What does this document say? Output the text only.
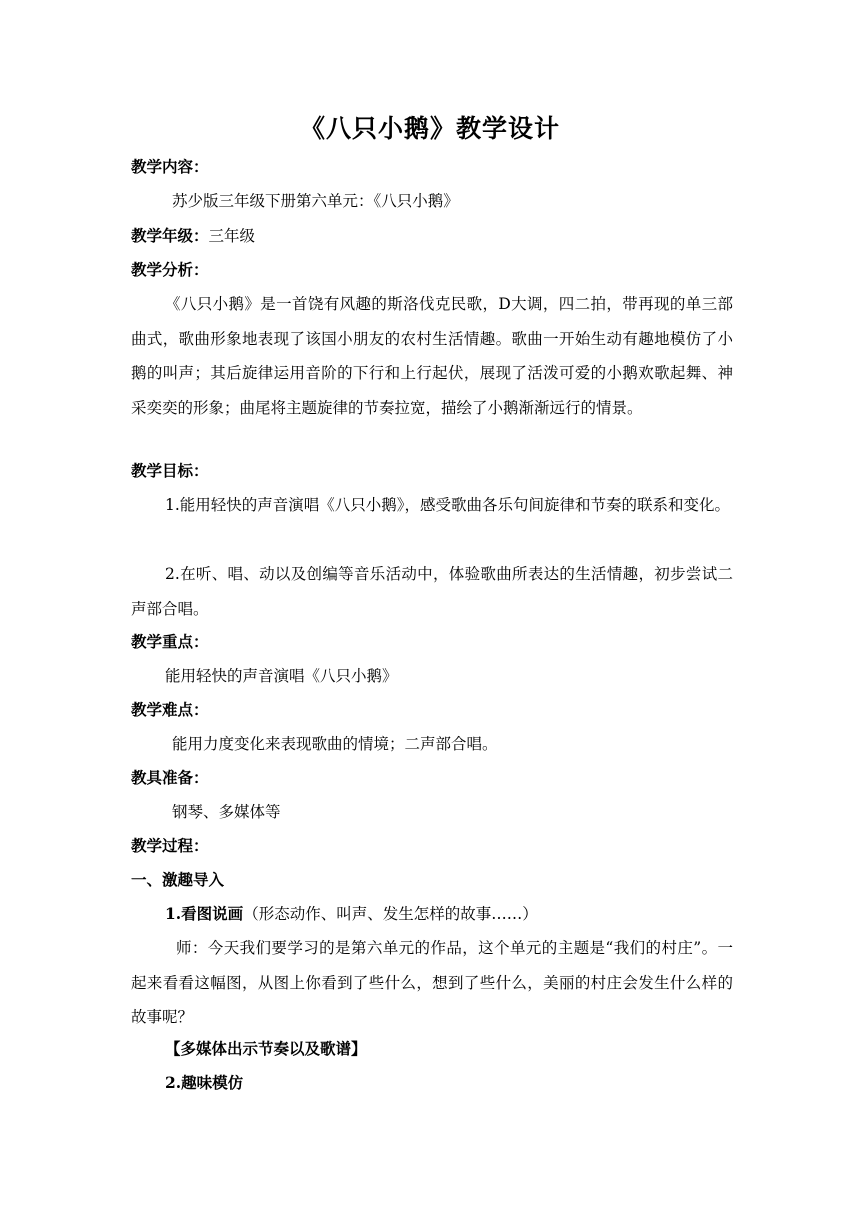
《八只小鹅》教学设计
教学内容：
苏少版三年级下册第六单元：《八只小鹅》
教学年级：三年级
教学分析：
《八只小鹅》是一首饶有风趣的斯洛伐克民歌，D大调，四二拍，带再现的单三部曲式，歌曲形象地表现了该国小朋友的农村生活情趣。歌曲一开始生动有趣地模仿了小鹅的叫声；其后旋律运用音阶的下行和上行起伏，展现了活泼可爱的小鹅欢歌起舞、神采奕奕的形象；曲尾将主题旋律的节奏拉宽，描绘了小鹅渐渐远行的情景。
教学目标：
1.能用轻快的声音演唱《八只小鹅》，感受歌曲各乐句间旋律和节奏的联系和变化。
2.在听、唱、动以及创编等音乐活动中，体验歌曲所表达的生活情趣，初步尝试二声部合唱。
教学重点：
能用轻快的声音演唱《八只小鹅》
教学难点：
能用力度变化来表现歌曲的情境；二声部合唱。
教具准备：
钢琴、多媒体等
教学过程：
一、激趣导入
1.看图说画（形态动作、叫声、发生怎样的故事……）
师：今天我们要学习的是第六单元的作品，这个单元的主题是“我们的村庄”。一起来看看这幅图，从图上你看到了些什么，想到了些什么，美丽的村庄会发生什么样的故事呢？
【多媒体出示节奏以及歌谱】
2.趣味模仿
